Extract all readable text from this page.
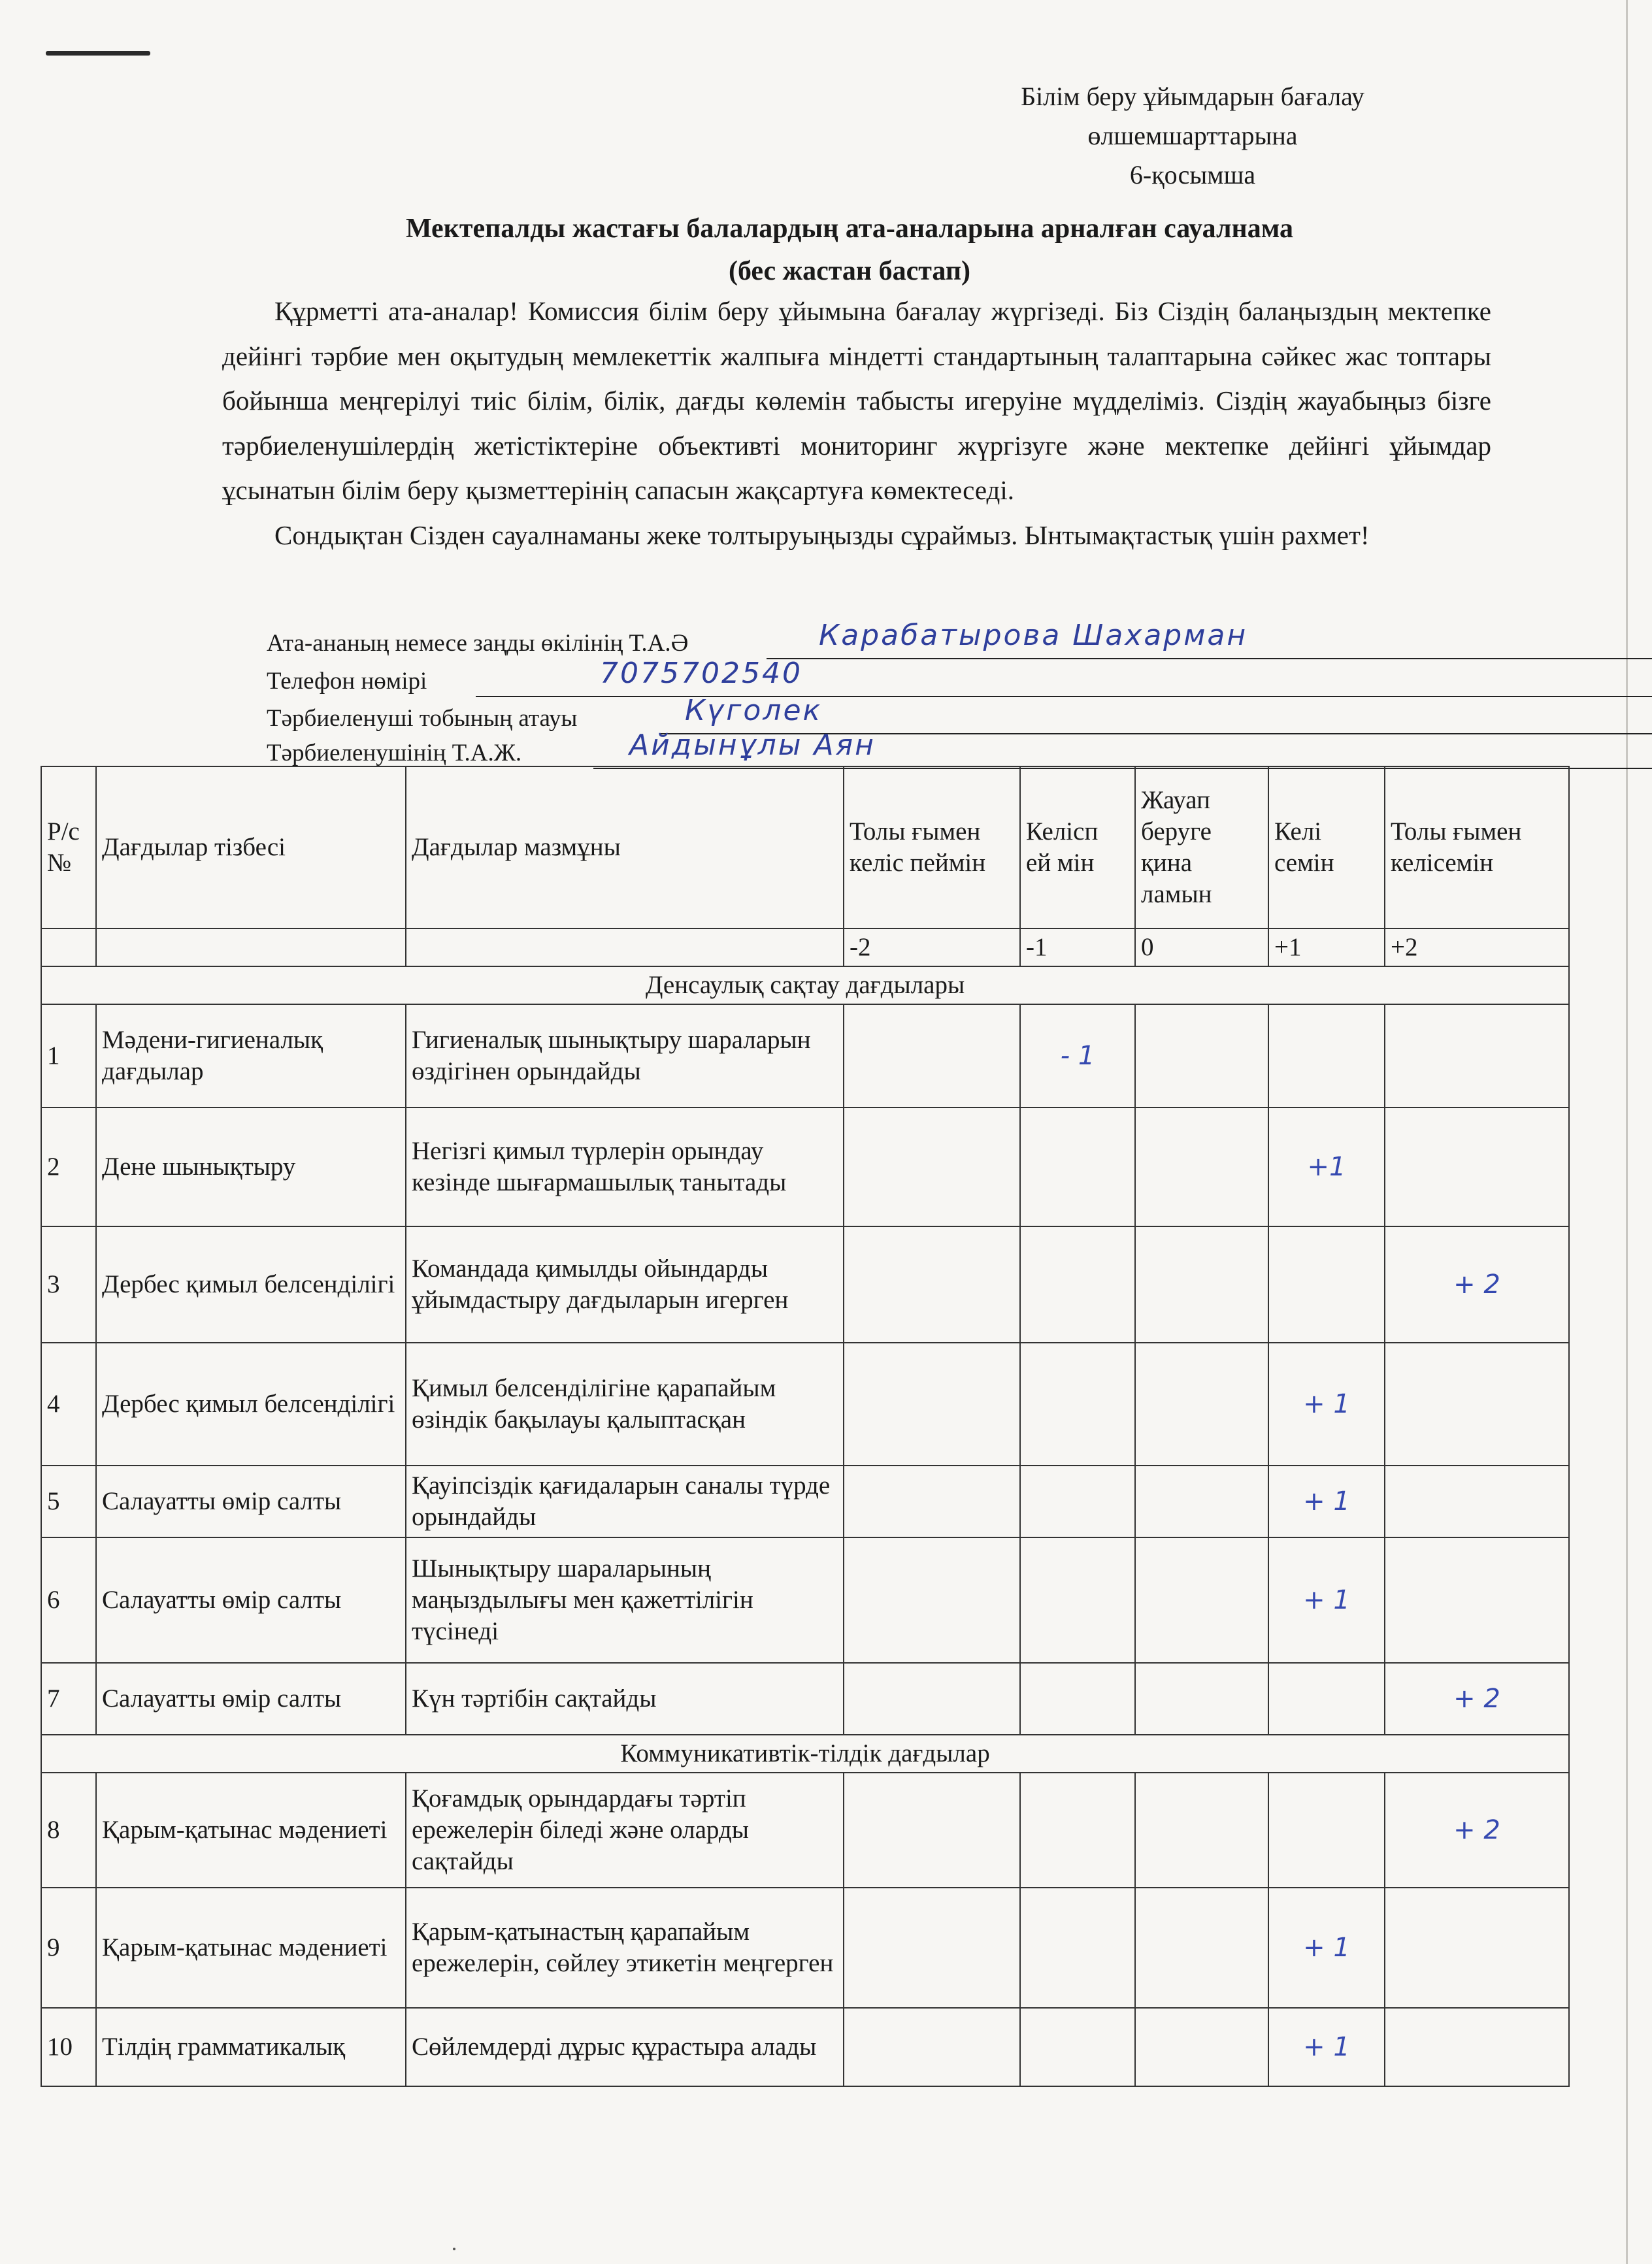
Білім беру ұйымдарын бағалау
өлшемшарттарына
6-қосымша
Мектепалды жастағы балалардың ата-аналарына арналған сауалнама
(бес жастан бастап)

Құрметті ата-аналар! Комиссия білім беру ұйымына бағалау жүргізеді. Біз Сіздің балаңыздың мектепке дейінгі тәрбие мен оқытудың мемлекеттік жалпыға міндетті стандартының талаптарына сәйкес жас топтары бойынша меңгерілуі тиіс білім, білік, дағды көлемін табысты игеруіне мүдделіміз. Сіздің жауабыңыз бізге тәрбиеленушілердің жетістіктеріне объективті мониторинг жүргізуге және мектепке дейінгі ұйымдар ұсынатын білім беру қызметтерінің сапасын жақсартуға көмектеседі.

Сондықтан Сізден сауалнаманы жеке толтыруыңызды сұраймыз. Ынтымақтастық үшін рахмет!

Ата-ананың немесе заңды өкілінің Т.А.Ә	Карабатырова Шахарман
Телефон нөмірі	7075702540
Тәрбиеленуші тобының атауы	Күголек
Тәрбиеленушінің Т.А.Ж.	Айдынұлы Аян
Р/с №	Дағдылар тізбесі	Дағдылар мазмұны	Толы ғымен келіс пеймін	Келісп ей мін	Жауап беруге қина ламын	Келі семін	Толы ғымен келісемін
			-2	-1	0	+1	+2
Денсаулық сақтау дағдылары							
1	Мәдени-гигиеналық дағдылар	Гигиеналық шынықтыру шараларын өздігінен орындайды		- 1			
2	Дене шынықтыру	Негізгі қимыл түрлерін орындау кезінде шығармашылық танытады				+1	
3	Дербес қимыл белсенділігі	Командада қимылды ойындарды ұйымдастыру дағдыларын игерген					+ 2
4	Дербес қимыл белсенділігі	Қимыл белсенділігіне қарапайым өзіндік бақылауы қалыптасқан				+ 1	
5	Салауатты өмір салты	Қауіпсіздік қағидаларын саналы түрде орындайды				+ 1	
6	Салауатты өмір салты	Шынықтыру шараларының маңыздылығы мен қажеттілігін түсінеді				+ 1	
7	Салауатты өмір салты	Күн тәртібін сақтайды					+ 2
Коммуникативтік-тілдік дағдылар							
8	Қарым-қатынас мәдениеті	Қоғамдық орындардағы тәртіп ережелерін біледі және оларды сақтайды					+ 2
9	Қарым-қатынас мәдениеті	Қарым-қатынастың қарапайым ережелерін, сөйлеу этикетін меңгерген				+ 1	
10	Тілдің грамматикалық	Сөйлемдерді дұрыс құрастыра алады				+ 1	
